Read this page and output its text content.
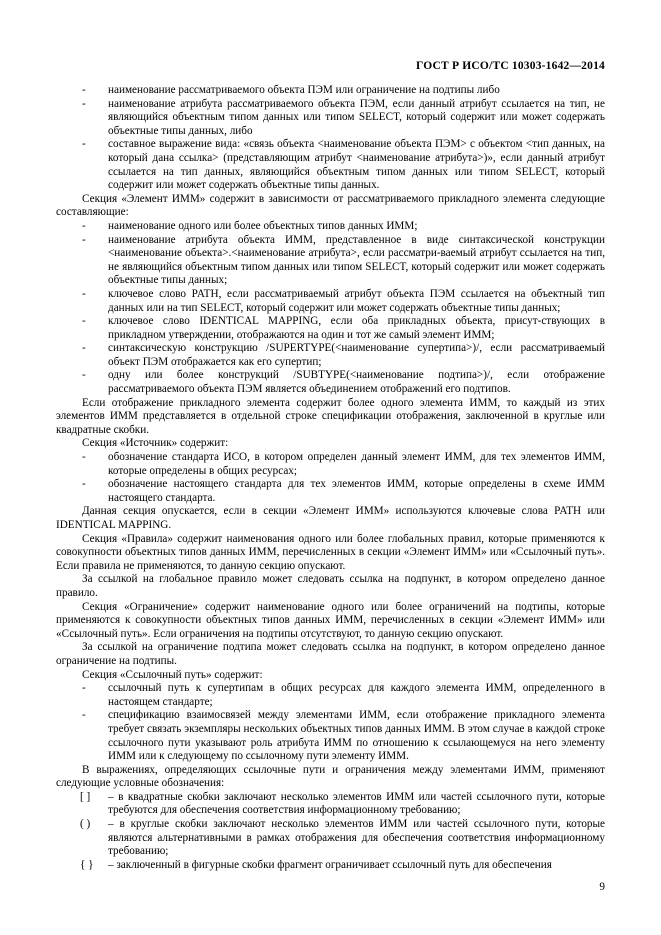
ГОСТ Р ИСО/ТС 10303-1642—2014

- наименование рассматриваемого объекта ПЭМ или ограничение на подтипы либо

- наименование атрибута рассматриваемого объекта ПЭМ, если данный атрибут ссылается на тип, не являющийся объектным типом данных или типом SELECT, который содержит или может содержать объектные типы данных, либо

- составное выражение вида: «связь объекта <наименование объекта ПЭМ> с объектом <тип данных, на который дана ссылка> (представляющим атрибут <наименование атрибута>)», если данный атрибут ссылается на тип данных, являющийся объектным типом данных или типом SELECT, который содержит или может содержать объектные типы данных.

Секция «Элемент ИММ» содержит в зависимости от рассматриваемого прикладного элемента следующие составляющие:

- наименование одного или более объектных типов данных ИММ;

- наименование атрибута объекта ИММ, представленное в виде синтаксической конструкции <наименование объекта>.<наименование атрибута>, если рассматри-ваемый атрибут ссылается на тип, не являющийся объектным типом данных или типом SELECT, который содержит или может содержать объектные типы данных;

- ключевое слово PATH, если рассматриваемый атрибут объекта ПЭМ ссылается на объектный тип данных или на тип SELECT, который содержит или может содержать объектные типы данных;

- ключевое слово IDENTICAL MAPPING, если оба прикладных объекта, присут-ствующих в прикладном утверждении, отображаются на один и тот же самый элемент ИММ;

- синтаксическую конструкцию /SUPERTYPE(<наименование супертипа>)/, если рассматриваемый объект ПЭМ отображается как его супертип;

- одну или более конструкций /SUBTYPE(<наименование подтипа>)/, если отображение рассматриваемого объекта ПЭМ является объединением отображений его подтипов.

Если отображение прикладного элемента содержит более одного элемента ИММ, то каждый из этих элементов ИММ представляется в отдельной строке спецификации отображения, заключенной в круглые или квадратные скобки.

Секция «Источник» содержит:

- обозначение стандарта ИСО, в котором определен данный элемент ИММ, для тех элементов ИММ, которые определены в общих ресурсах;

- обозначение настоящего стандарта для тех элементов ИММ, которые определены в схеме ИММ настоящего стандарта.

Данная секция опускается, если в секции «Элемент ИММ» используются ключевые слова PATH или IDENTICAL MAPPING.

Секция «Правила» содержит наименования одного или более глобальных правил, которые применяются к совокупности объектных типов данных ИММ, перечисленных в секции «Элемент ИММ» или «Ссылочный путь». Если правила не применяются, то данную секцию опускают.

За ссылкой на глобальное правило может следовать ссылка на подпункт, в котором определено данное правило.

Секция «Ограничение» содержит наименование одного или более ограничений на подтипы, которые применяются к совокупности объектных типов данных ИММ, перечисленных в секции «Элемент ИММ» или «Ссылочный путь». Если ограничения на подтипы отсутствуют, то данную секцию опускают.

За ссылкой на ограничение подтипа может следовать ссылка на подпункт, в котором определено данное ограничение на подтипы.

Секция «Ссылочный путь» содержит:

- ссылочный путь к супертипам в общих ресурсах для каждого элемента ИММ, определенного в настоящем стандарте;

- спецификацию взаимосвязей между элементами ИММ, если отображение прикладного элемента требует связать экземпляры нескольких объектных типов данных ИММ. В этом случае в каждой строке ссылочного пути указывают роль атрибута ИММ по отношению к ссылающемуся на него элементу ИММ или к следующему по ссылочному пути элементу ИММ.

В выражениях, определяющих ссылочные пути и ограничения между элементами ИММ, применяют следующие условные обозначения:

[ ] – в квадратные скобки заключают несколько элементов ИММ или частей ссылочного пути, которые требуются для обеспечения соответствия информационному требованию;

( ) – в круглые скобки заключают несколько элементов ИММ или частей ссылочного пути, которые являются альтернативными в рамках отображения для обеспечения соответствия информационному требованию;

{ } – заключенный в фигурные скобки фрагмент ограничивает ссылочный путь для обеспечения

9
